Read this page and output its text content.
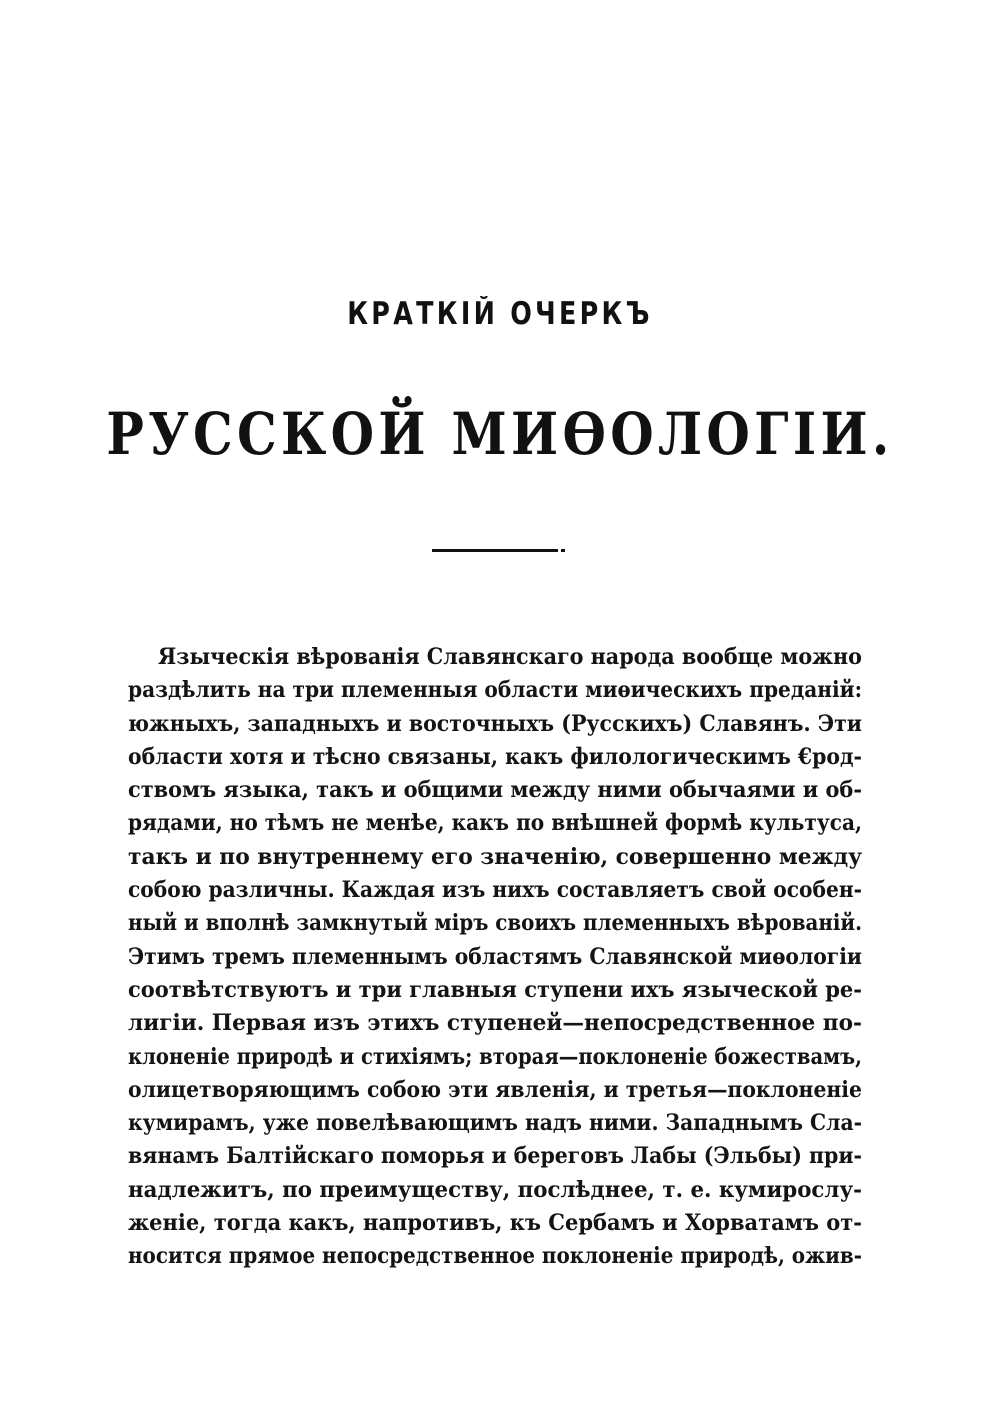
КРАТКІЙ ОЧЕРКЪ
РУССКОЙ МИѲОЛОГІИ.
Языческія вѣрованія Славянскаго народа вообще можно
раздѣлить на три племенныя области миѳическихъ преданій:
южныхъ, западныхъ и восточныхъ (Русскихъ) Славянъ. Эти
области хотя и тѣсно связаны, какъ филологическимъ €род-
ствомъ языка, такъ и общими между ними обычаями и об-
рядами, но тѣмъ не менѣе, какъ по внѣшней формѣ культуса,
такъ и по внутреннему его значенію, совершенно между
собою различны. Каждая изъ нихъ составляетъ свой особен-
ный и вполнѣ замкнутый міръ своихъ племенныхъ вѣрованій.
Этимъ тремъ племеннымъ областямъ Славянской миѳологіи
соотвѣтствуютъ и три главныя ступени ихъ языческой ре-
лигіи. Первая изъ этихъ ступеней—непосредственное по-
клоненіе природѣ и стихіямъ; вторая—поклоненіе божествамъ,
олицетворяющимъ собою эти явленія, и третья—поклоненіе
кумирамъ, уже повелѣвающимъ надъ ними. Западнымъ Сла-
вянамъ Балтійскаго поморья и береговъ Лабы (Эльбы) при-
надлежитъ, по преимуществу, послѣднее, т. е. кумирослу-
женіе, тогда какъ, напротивъ, къ Сербамъ и Хорватамъ от-
носится прямое непосредственное поклоненіе природѣ, ожив-
